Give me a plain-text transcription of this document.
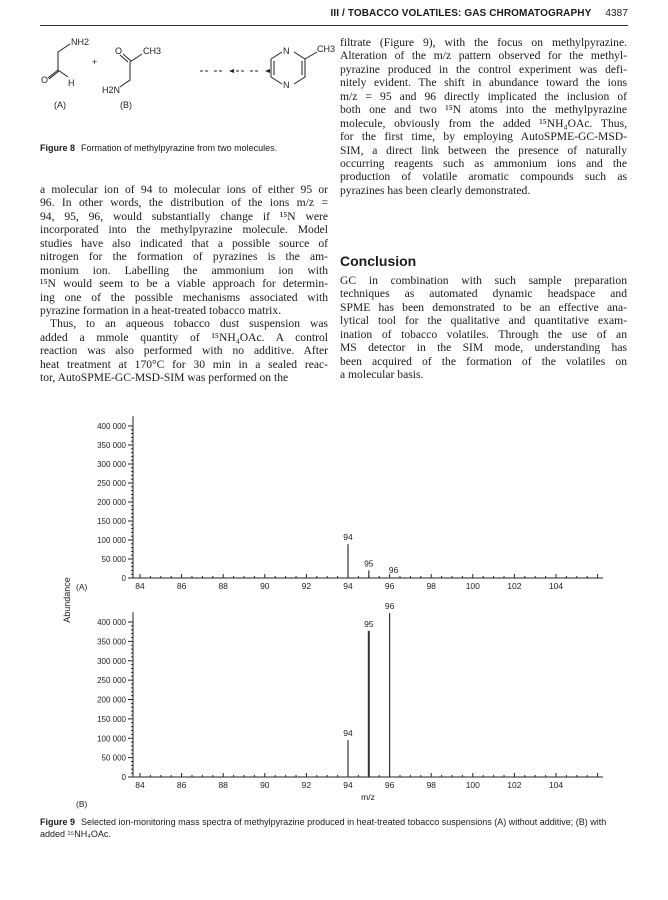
III / TOBACCO VOLATILES: GAS CHROMATOGRAPHY 4387
NH2
O H
+
O CH3
H2N
N
N
CH3
(A)	(B)
Figure 8 Formation of methylpyrazine from two molecules.
a molecular ion of 94 to molecular ions of either 95 or
96. In other words, the distribution of the ions m/z =
94, 95, 96, would substantially change if ¹⁵N were
incorporated into the methylpyrazine molecule. Model
studies have also indicated that a possible source of
nitrogen for the formation of pyrazines is the am-
monium ion. Labelling the ammonium ion with
¹⁵N would seem to be a viable approach for determin-
ing one of the possible mechanisms associated with
pyrazine formation in a heat-treated tobacco matrix.
Thus, to an aqueous tobacco dust suspension was
added a mmole quantity of ¹⁵NH₄OAc. A control
reaction was also performed with no additive. After
heat treatment at 170°C for 30 min in a sealed reac-
tor, AutoSPME-GC-MSD-SIM was performed on the
filtrate (Figure 9), with the focus on methylpyrazine.
Alteration of the m/z pattern observed for the methyl-
pyrazine produced in the control experiment was defi-
nitely evident. The shift in abundance toward the ions
m/z = 95 and 96 directly implicated the inclusion of
both one and two ¹⁵N atoms into the methylpyrazine
molecule, obviously from the added ¹⁵NH₄OAc. Thus,
for the first time, by employing AutoSPME-GC-MSD-
SIM, a direct link between the presence of naturally
occurring reagents such as ammonium ions and the
production of volatile aromatic compounds such as
pyrazines has been clearly demonstrated.
Conclusion
GC in combination with such sample preparation
techniques as automated dynamic headspace and
SPME has been demonstrated to be an effective ana-
lytical tool for the qualitative and quantitative exam-
ination of tobacco volatiles. Through the use of an
MS detector in the SIM mode, understanding has
been acquired of the formation of the volatiles on
a molecular basis.
0
50 000
100 000
150 000
200 000
250 000
300 000
350 000
400 000
84	86	88	90	92	94	96	98	100	102	104
94
95
96
(A)
0
50 000
100 000
150 000
200 000
250 000
300 000
350 000
400 000
84	86	88	90	92	94	96	98	100	102	104
94
95
96
(B)
m/z
Abundance
Figure 9 Selected ion-monitoring mass spectra of methylpyrazine produced in heat-treated tobacco suspensions (A) without additive; (B) with added ¹⁵NH₄OAc.
